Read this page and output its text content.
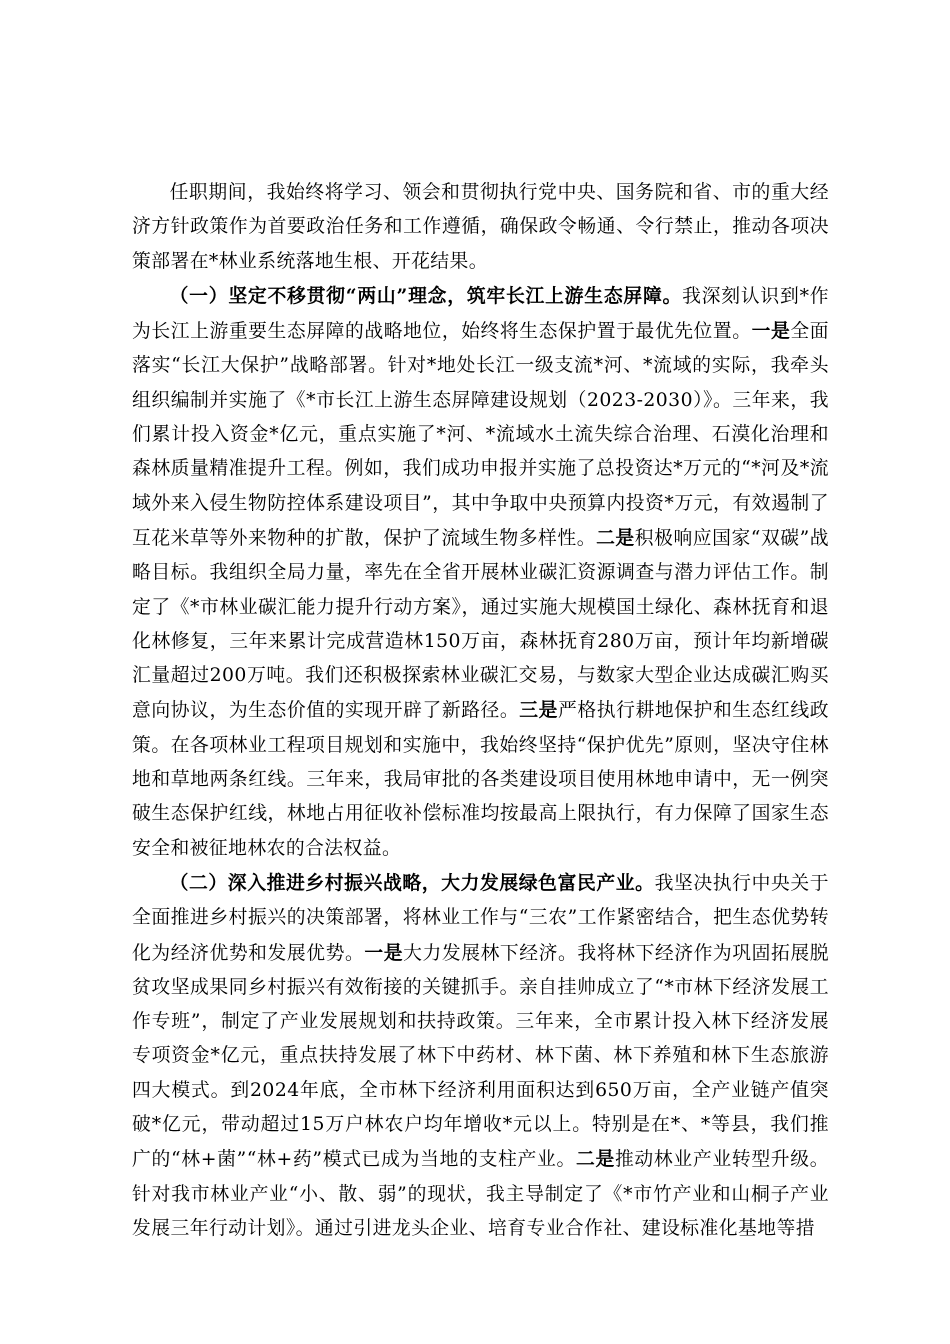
任职期间，我始终将学习、领会和贯彻执行党中央、国务院和省、市的重大经济方针政策作为首要政治任务和工作遵循，确保政令畅通、令行禁止，推动各项决策部署在*林业系统落地生根、开花结果。

（一）坚定不移贯彻“两山”理念，筑牢长江上游生态屏障。我深刻认识到*作为长江上游重要生态屏障的战略地位，始终将生态保护置于最优先位置。一是全面落实“长江大保护”战略部署。针对*地处长江一级支流*河、*流域的实际，我牵头组织编制并实施了《*市长江上游生态屏障建设规划（2023-2030）》。三年来，我们累计投入资金*亿元，重点实施了*河、*流域水土流失综合治理、石漠化治理和森林质量精准提升工程。例如，我们成功申报并实施了总投资达*万元的“*河及*流域外来入侵生物防控体系建设项目”，其中争取中央预算内投资*万元，有效遏制了互花米草等外来物种的扩散，保护了流域生物多样性。二是积极响应国家“双碳”战略目标。我组织全局力量，率先在全省开展林业碳汇资源调查与潜力评估工作。制定了《*市林业碳汇能力提升行动方案》，通过实施大规模国土绿化、森林抚育和退化林修复，三年来累计完成营造林150万亩，森林抚育280万亩，预计年均新增碳汇量超过200万吨。我们还积极探索林业碳汇交易，与数家大型企业达成碳汇购买意向协议，为生态价值的实现开辟了新路径。三是严格执行耕地保护和生态红线政策。在各项林业工程项目规划和实施中，我始终坚持“保护优先”原则，坚决守住林地和草地两条红线。三年来，我局审批的各类建设项目使用林地申请中，无一例突破生态保护红线，林地占用征收补偿标准均按最高上限执行，有力保障了国家生态安全和被征地林农的合法权益。

（二）深入推进乡村振兴战略，大力发展绿色富民产业。我坚决执行中央关于全面推进乡村振兴的决策部署，将林业工作与“三农”工作紧密结合，把生态优势转化为经济优势和发展优势。一是大力发展林下经济。我将林下经济作为巩固拓展脱贫攻坚成果同乡村振兴有效衔接的关键抓手。亲自挂帅成立了“*市林下经济发展工作专班”，制定了产业发展规划和扶持政策。三年来，全市累计投入林下经济发展专项资金*亿元，重点扶持发展了林下中药材、林下菌、林下养殖和林下生态旅游四大模式。到2024年底，全市林下经济利用面积达到650万亩，全产业链产值突破*亿元，带动超过15万户林农户均年增收*元以上。特别是在*、*等县，我们推广的“林+菌”“林+药”模式已成为当地的支柱产业。二是推动林业产业转型升级。针对我市林业产业“小、散、弱”的现状，我主导制定了《*市竹产业和山桐子产业发展三年行动计划》。通过引进龙头企业、培育专业合作社、建设标准化基地等措
